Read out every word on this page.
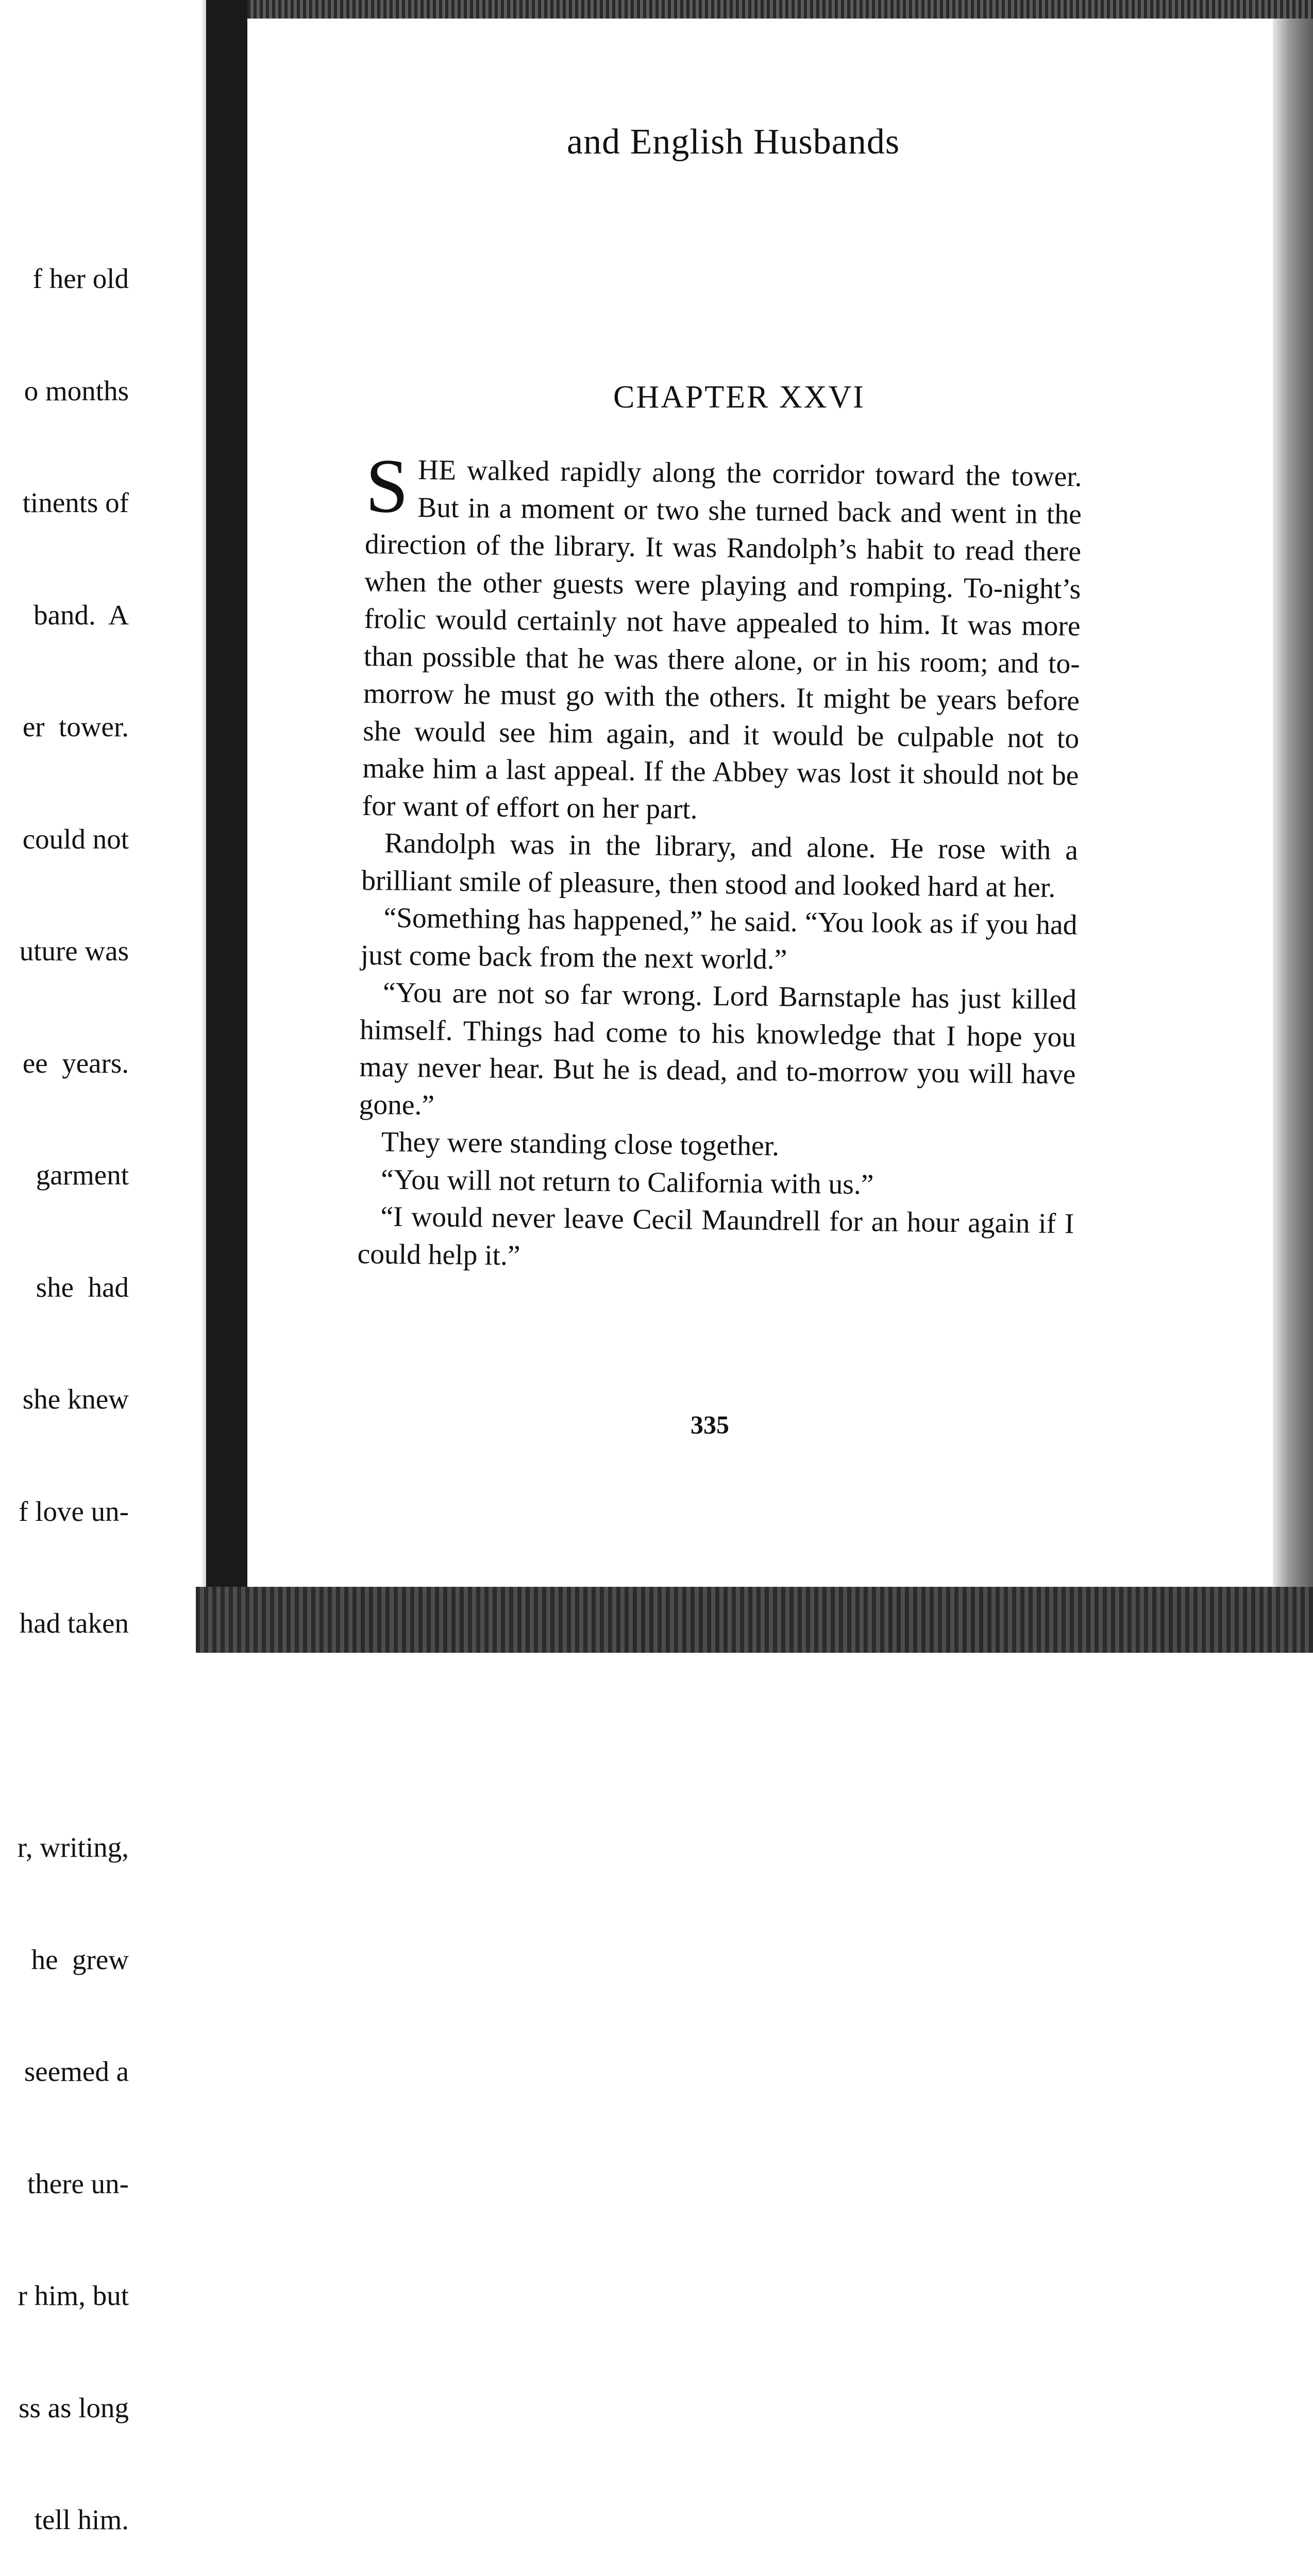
f her old

o months

tinents of

band.  A

er  tower.

could not

uture was

ee  years.

garment

she  had

she knew

f love un-

had taken

r, writing,

he  grew

seemed a

there un-

r him, but

ss as long

tell him.

and English Husbands
CHAPTER XXVI

SHE walked rapidly along the corridor toward the tower. But in a moment or two she turned back and went in the direction of the library. It was Randolph’s habit to read there when the other guests were playing and romping. To-night’s frolic would certainly not have appealed to him. It was more than possible that he was there alone, or in his room; and to-morrow he must go with the others. It might be years before she would see him again, and it would be culpable not to make him a last appeal. If the Abbey was lost it should not be for want of effort on her part.

Randolph was in the library, and alone. He rose with a brilliant smile of pleasure, then stood and looked hard at her.

“Something has happened,” he said. “You look as if you had just come back from the next world.”

“You are not so far wrong. Lord Barnstaple has just killed himself. Things had come to his knowledge that I hope you may never hear. But he is dead, and to-morrow you will have gone.”

They were standing close together.

“You will not return to California with us.”

“I would never leave Cecil Maundrell for an hour again if I could help it.”

335
